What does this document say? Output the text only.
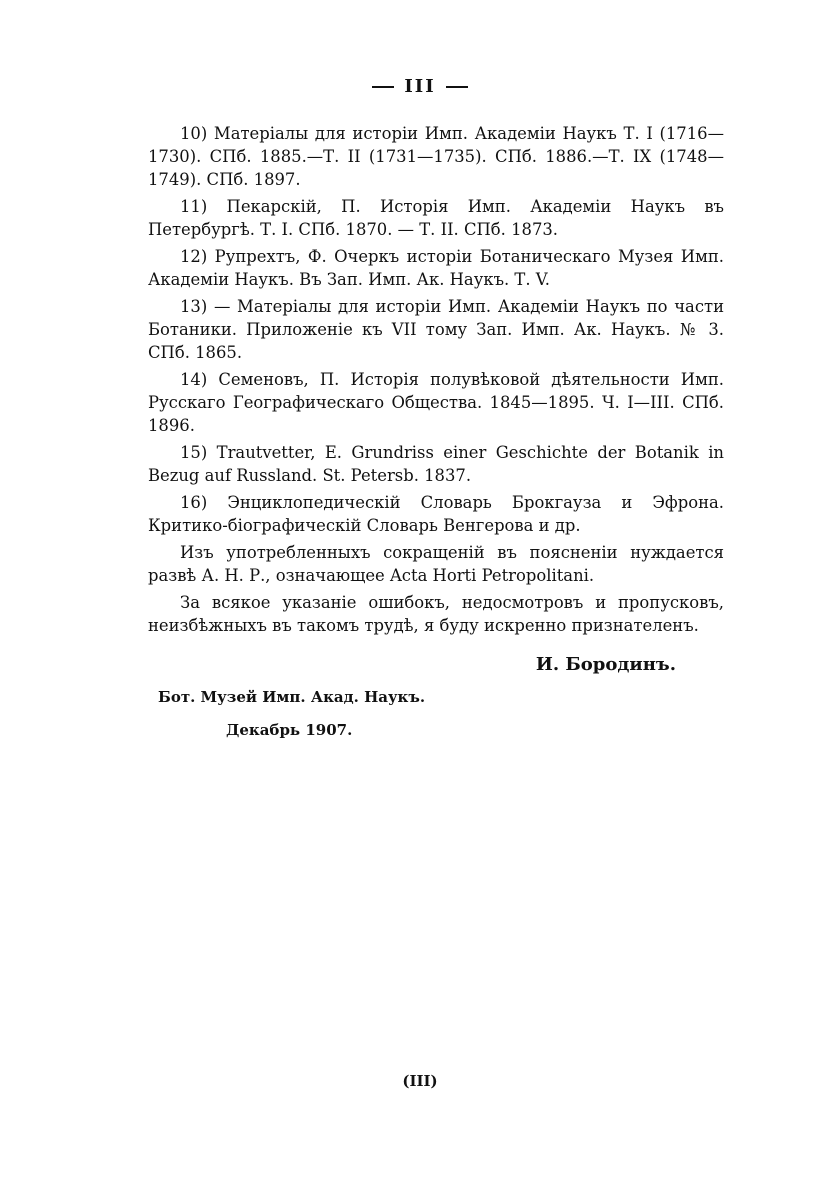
III

10) Матеріалы для исторіи Имп. Академіи Наукъ Т. I (1716—1730). СПб. 1885.—Т. II (1731—1735). СПб. 1886.—Т. IX (1748—1749). СПб. 1897.

11) Пекарскій, П. Исторія Имп. Академіи Наукъ въ Петербургѣ. Т. I. СПб. 1870. — Т. II. СПб. 1873.

12) Рупрехтъ, Ф. Очеркъ исторіи Ботаническаго Музея Имп. Академіи Наукъ. Въ Зап. Имп. Ак. Наукъ. Т. V.

13) — Матеріалы для исторіи Имп. Академіи Наукъ по части Ботаники. Приложеніе къ VII тому Зап. Имп. Ак. Наукъ. № 3. СПб. 1865.

14) Семеновъ, П. Исторія полувѣковой дѣятельности Имп. Русскаго Географическаго Общества. 1845—1895. Ч. I—III. СПб. 1896.

15) Trautvetter, E. Grundriss einer Geschichte der Botanik in Bezug auf Russland. St. Petersb. 1837.

16) Энциклопедическій Словарь Брокгауза и Эфрона. Критико-біографическій Словарь Венгерова и др.

Изъ употребленныхъ сокращеній въ поясненіи нуждается развѣ А. Н. Р., означающее Acta Horti Petropolitani.

За всякое указаніе ошибокъ, недосмотровъ и пропусковъ, неизбѣжныхъ въ такомъ трудѣ, я буду искренно признателенъ.

И. Бородинъ.
Бот. Музей Имп. Акад. Наукъ.
Декабрь 1907.
(III)
